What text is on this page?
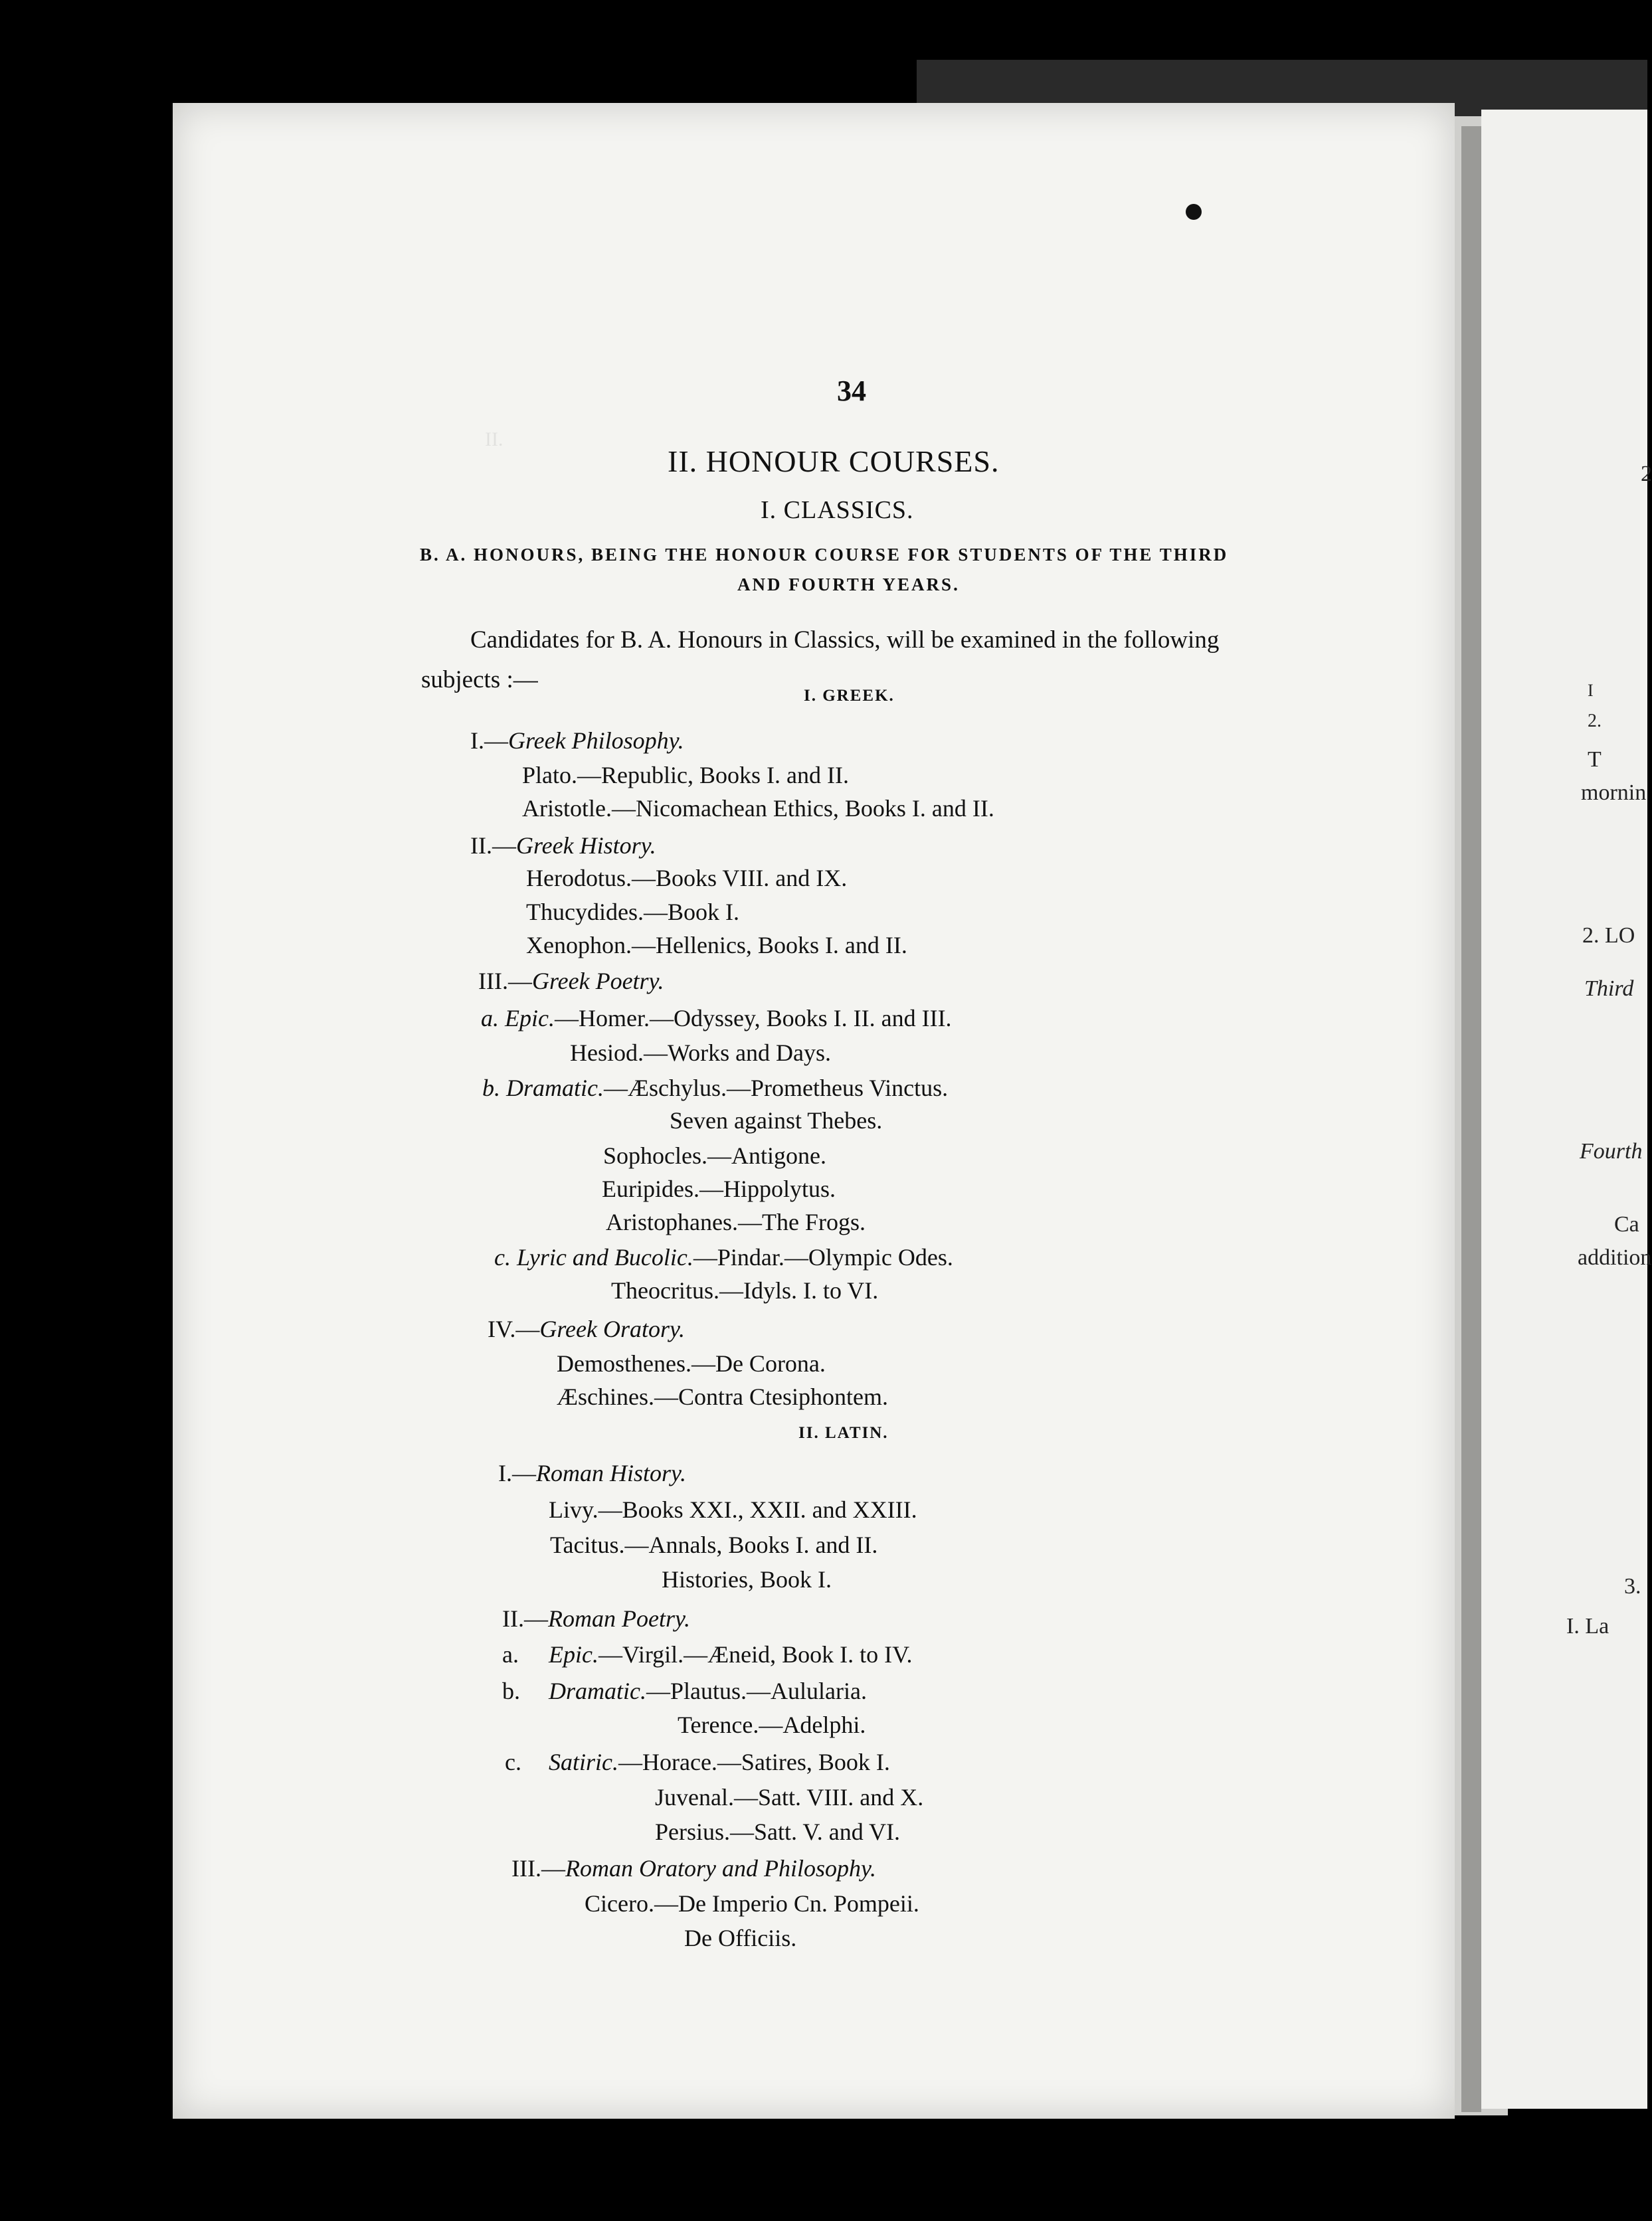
2
I
2.
T
mornin
2. LO
Third
Fourth
Ca
addition
3.
I. La
II.
34
II. HONOUR COURSES.
I. CLASSICS.
B. A. HONOURS, BEING THE HONOUR COURSE FOR STUDENTS OF THE THIRD
AND FOURTH YEARS.
Candidates for B. A. Honours in Classics, will be examined in the following
subjects :—
I. GREEK.
I.—Greek Philosophy.
Plato.—Republic, Books I. and II.
Aristotle.—Nicomachean Ethics, Books I. and II.
II.—Greek History.
Herodotus.—Books VIII. and IX.
Thucydides.—Book I.
Xenophon.—Hellenics, Books I. and II.
III.—Greek Poetry.
a. Epic.—Homer.—Odyssey, Books I. II. and III.
Hesiod.—Works and Days.
b. Dramatic.—Æschylus.—Prometheus Vinctus.
Seven against Thebes.
Sophocles.—Antigone.
Euripides.—Hippolytus.
Aristophanes.—The Frogs.
c. Lyric and Bucolic.—Pindar.—Olympic Odes.
Theocritus.—Idyls. I. to VI.
IV.—Greek Oratory.
Demosthenes.—De Corona.
Æschines.—Contra Ctesiphontem.
II. LATIN.
I.—Roman History.
Livy.—Books XXI., XXII. and XXIII.
Tacitus.—Annals, Books I. and II.
Histories, Book I.
II.—Roman Poetry.
a. Epic.—Virgil.—Æneid, Book I. to IV.
b. Dramatic.—Plautus.—Aulularia.
Terence.—Adelphi.
c. Satiric.—Horace.—Satires, Book I.
Juvenal.—Satt. VIII. and X.
Persius.—Satt. V. and VI.
III.—Roman Oratory and Philosophy.
Cicero.—De Imperio Cn. Pompeii.
De Officiis.
